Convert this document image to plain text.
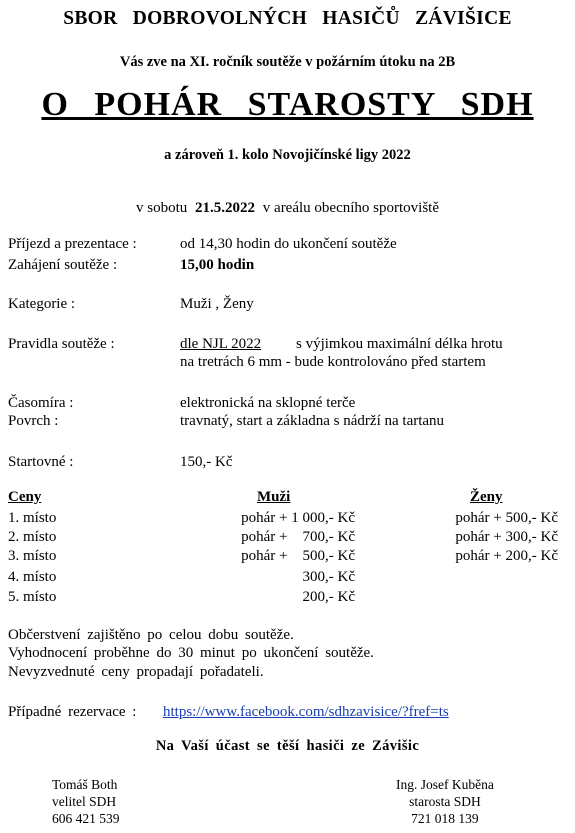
SBOR DOBROVOLNÝCH HASIČŮ ZÁVIŠICE
Vás zve na XI. ročník soutěže v požárním útoku na 2B
O POHÁR STAROSTY SDH
a zároveň 1. kolo Novojičínské ligy 2022
v sobotu 21.5.2022 v areálu obecního sportoviště
Příjezd a prezentace :	od 14,30 hodin do ukončení soutěže
Zahájení soutěže :	15,00 hodin
Kategorie :	Muži , Ženy
Pravidla soutěže :	dle NJL 2022 s výjimkou maximální délka hrotu
na tretrách 6 mm - bude kontrolováno před startem
Časomíra :	elektronická na sklopné terče
Povrch :	travnatý, start a základna s nádrží na tartanu
Startovné :	150,- Kč
Ceny	Muži	Ženy
1. místo	pohár + 1 000,- Kč	pohár + 500,- Kč
2. místo	pohár +    700,- Kč	pohár + 300,- Kč
3. místo	pohár +    500,- Kč	pohár + 200,- Kč
4. místo	300,- Kč
5. místo	200,- Kč
Občerstvení zajištěno po celou dobu soutěže.
Vyhodnocení proběhne do 30 minut po ukončení soutěže.
Nevyzvednuté ceny propadají pořadateli.
Případné rezervace : https://www.facebook.com/sdhzavisice/?fref=ts
Na Vaší účast se těší hasiči ze Závišic
Tomáš Both
velitel SDH
606 421 539
Ing. Josef Kuběna
starosta SDH
721 018 139
